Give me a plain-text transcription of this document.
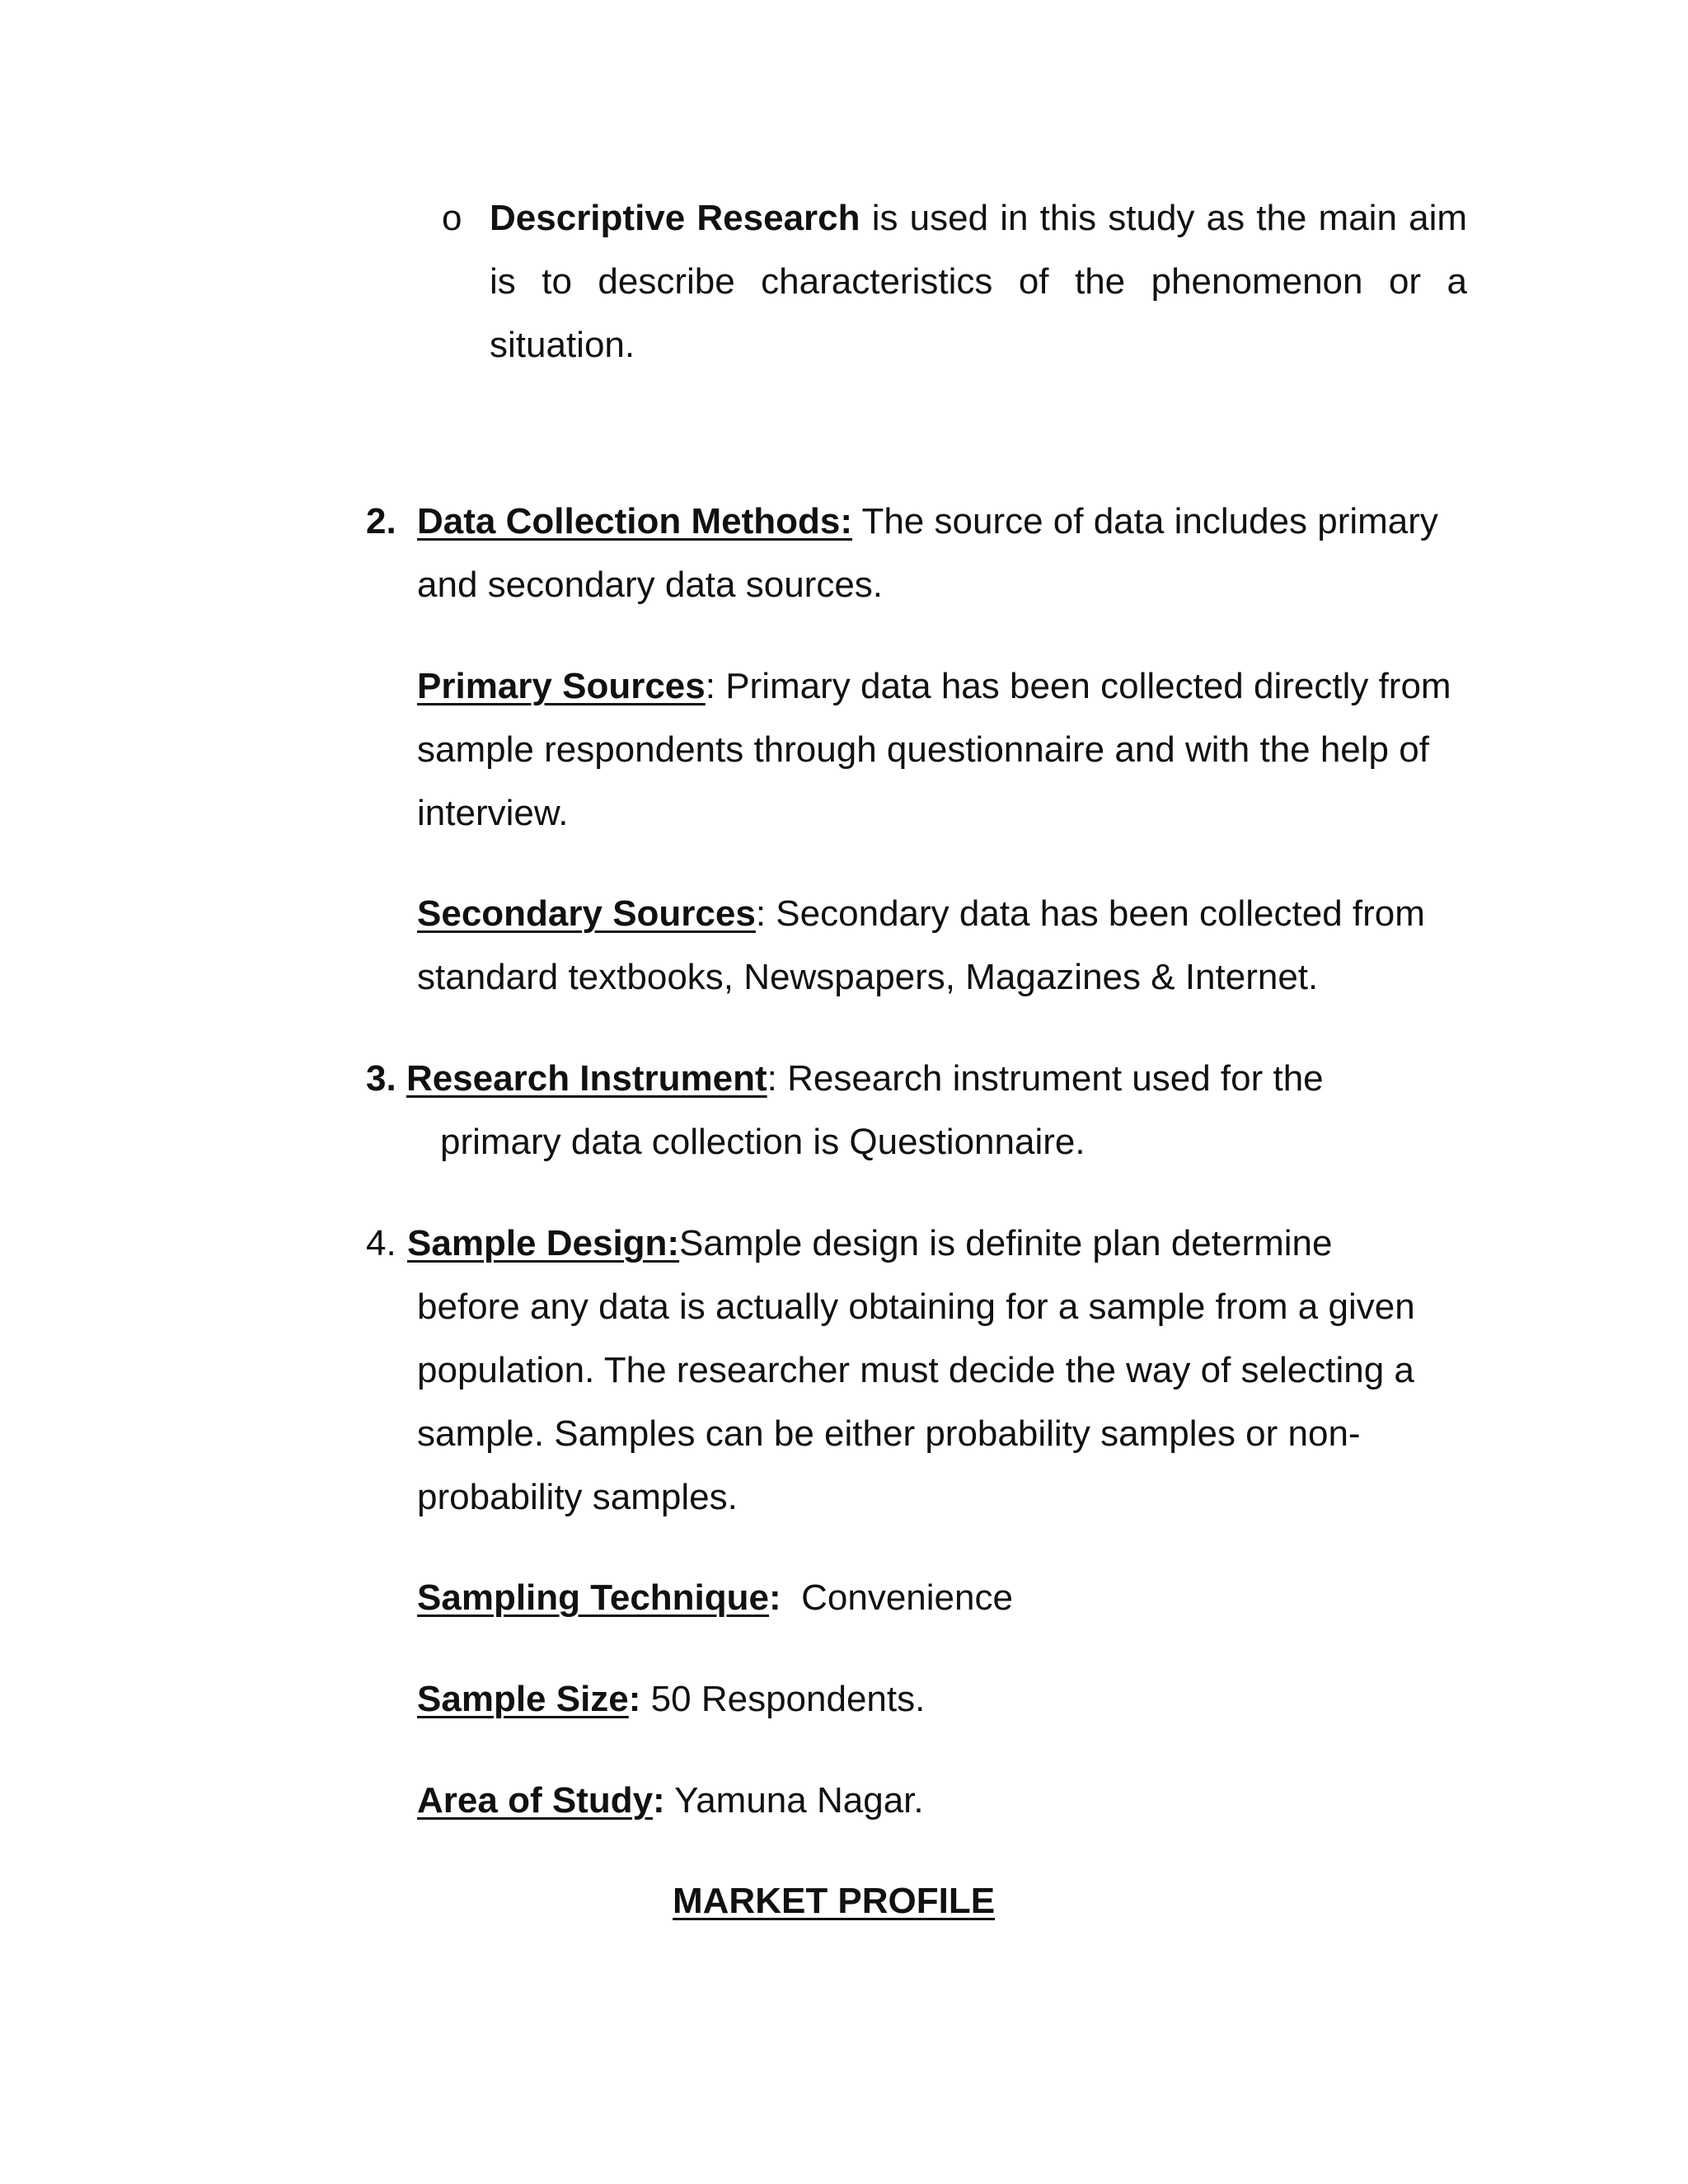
o Descriptive Research is used in this study as the main aim is to describe characteristics of the phenomenon or a situation.
2. Data Collection Methods: The source of data includes primary and secondary data sources.
Primary Sources: Primary data has been collected directly from sample respondents through questionnaire and with the help of interview.
Secondary Sources: Secondary data has been collected from standard textbooks, Newspapers, Magazines & Internet.
3. Research Instrument: Research instrument used for the
primary data collection is Questionnaire.
4. Sample Design: Sample design is definite plan determine before any data is actually obtaining for a sample from a given population. The researcher must decide the way of selecting a sample. Samples can be either probability samples or non-probability samples.
Sampling Technique:  Convenience
Sample Size: 50 Respondents.
Area of Study: Yamuna Nagar.
MARKET PROFILE
